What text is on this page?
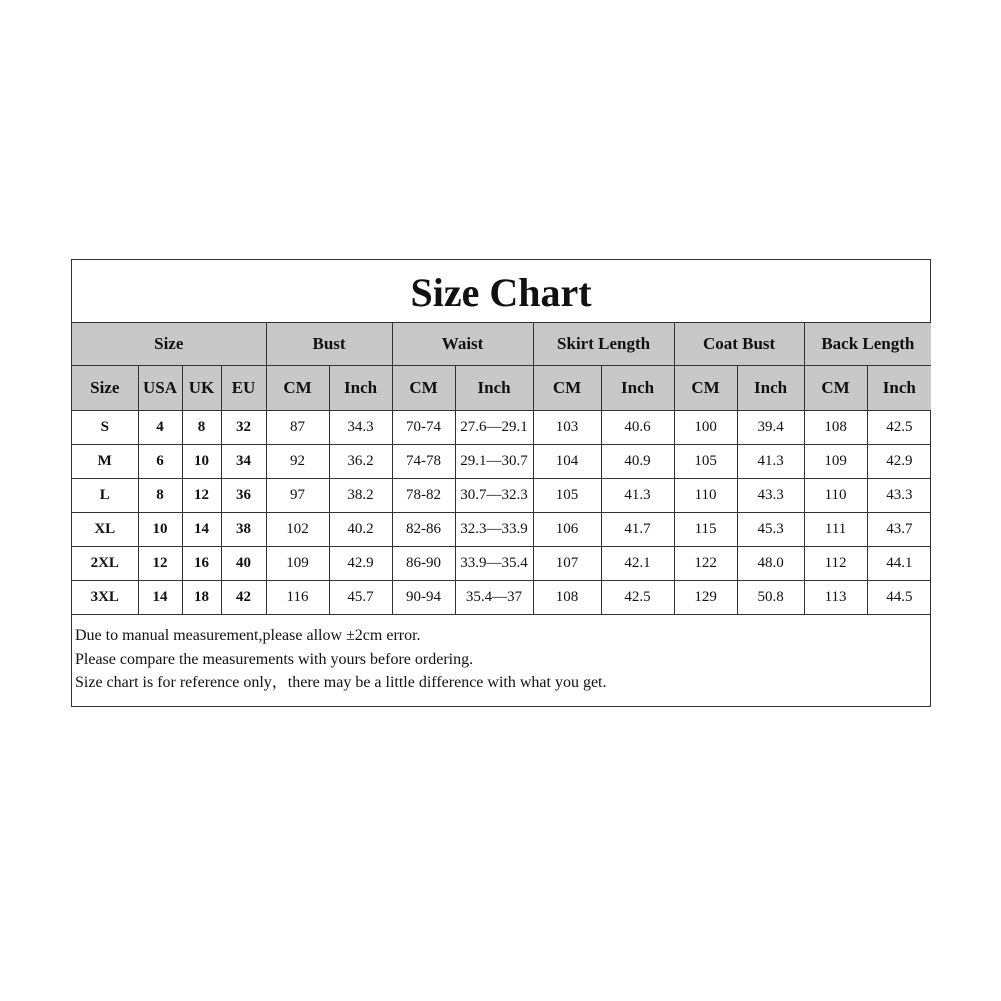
Size Chart
Size				Bust		Waist		Skirt Length		Coat Bust		Back Length	
Size	USA	UK	EU	CM	Inch	CM	Inch	CM	Inch	CM	Inch	CM	Inch
S	4	8	32	87	34.3	70-74	27.6—29.1	103	40.6	100	39.4	108	42.5
M	6	10	34	92	36.2	74-78	29.1—30.7	104	40.9	105	41.3	109	42.9
L	8	12	36	97	38.2	78-82	30.7—32.3	105	41.3	110	43.3	110	43.3
XL	10	14	38	102	40.2	82-86	32.3—33.9	106	41.7	115	45.3	111	43.7
2XL	12	16	40	109	42.9	86-90	33.9—35.4	107	42.1	122	48.0	112	44.1
3XL	14	18	42	116	45.7	90-94	35.4—37	108	42.5	129	50.8	113	44.5
Due to manual measurement,please allow ±2cm error.
Please compare the measurements with yours before ordering.
Size chart is for reference only，there may be a little difference with what you get.
